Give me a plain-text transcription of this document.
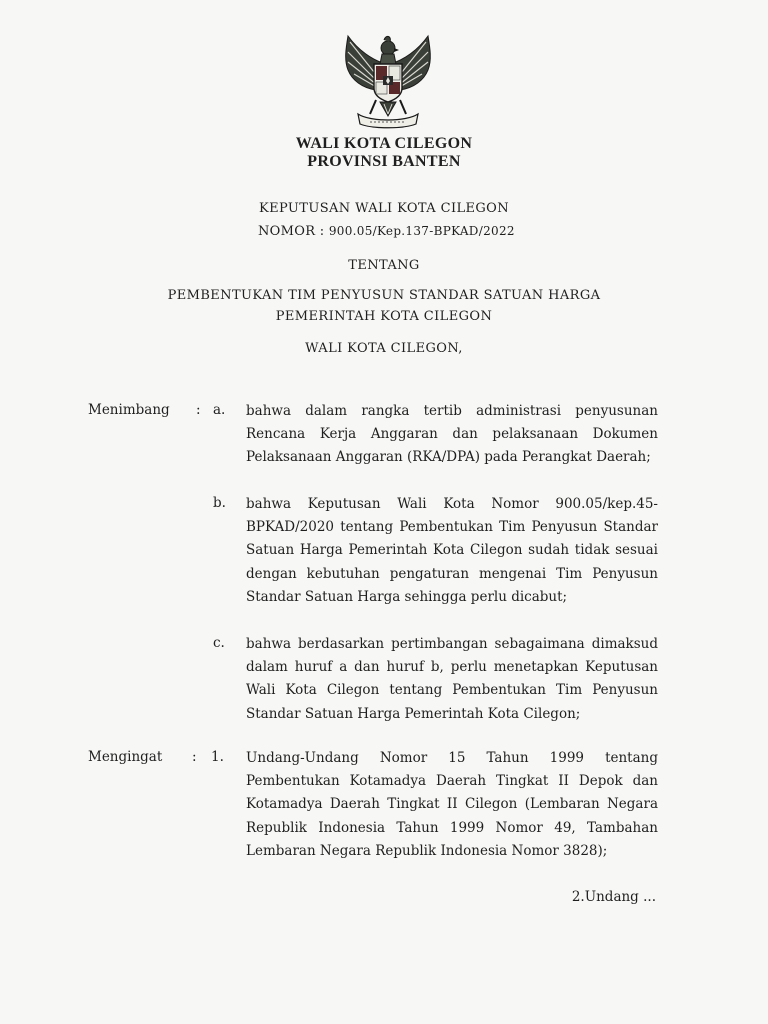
WALI KOTA CILEGON
PROVINSI BANTEN
KEPUTUSAN WALI KOTA CILEGON
NOMOR : 900.05/Kep.137-BPKAD/2022
TENTANG
PEMBENTUKAN TIM PENYUSUN STANDAR SATUAN HARGA
PEMERINTAH KOTA CILEGON
WALI KOTA CILEGON,
Menimbang : a. bahwa dalam rangka tertib administrasi penyusunan Rencana Kerja Anggaran dan pelaksanaan Dokumen Pelaksanaan Anggaran (RKA/DPA) pada Perangkat Daerah;
b. bahwa Keputusan Wali Kota Nomor 900.05/kep.45-BPKAD/2020 tentang Pembentukan Tim Penyusun Standar Satuan Harga Pemerintah Kota Cilegon sudah tidak sesuai dengan kebutuhan pengaturan mengenai Tim Penyusun Standar Satuan Harga sehingga perlu dicabut;
c. bahwa berdasarkan pertimbangan sebagaimana dimaksud dalam huruf a dan huruf b, perlu menetapkan Keputusan Wali Kota Cilegon tentang Pembentukan Tim Penyusun Standar Satuan Harga Pemerintah Kota Cilegon;
Mengingat : 1. Undang-Undang Nomor 15 Tahun 1999 tentang Pembentukan Kotamadya Daerah Tingkat II Depok dan Kotamadya Daerah Tingkat II Cilegon (Lembaran Negara Republik Indonesia Tahun 1999 Nomor 49, Tambahan Lembaran Negara Republik Indonesia Nomor 3828);
2.Undang ...
